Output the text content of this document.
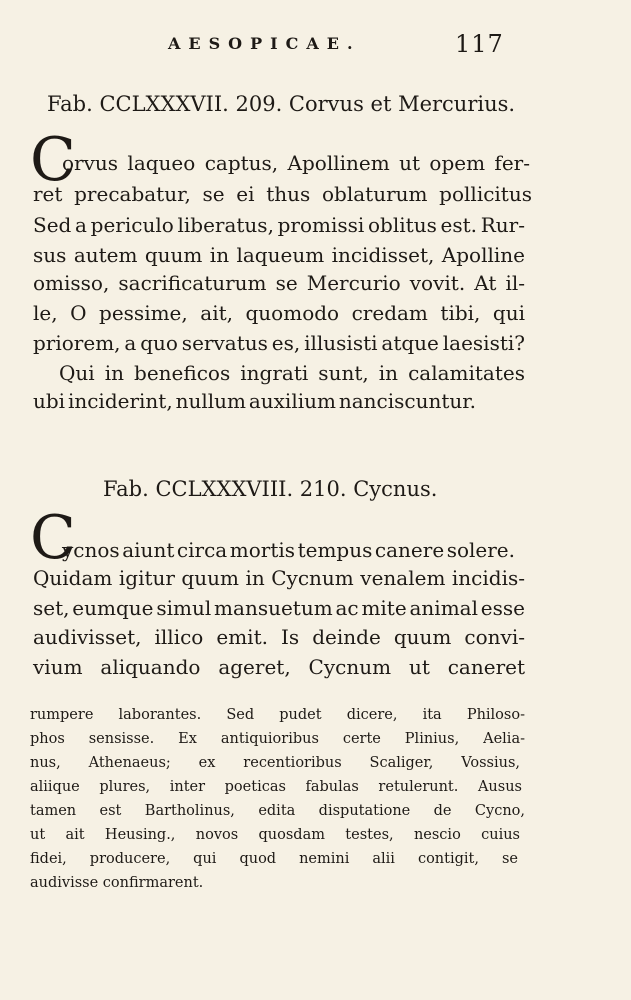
AESOPICAE.	117
Fab. CCLXXXVII. 209. Corvus et Mercurius.
C
orvus laqueo captus, Apollinem ut opem fer-
ret precabatur, se ei thus oblaturum pollicitus
Sed a periculo liberatus, promissi oblitus est. Rur-
sus autem quum in laqueum incidisset, Apolline
omisso, sacrificaturum se Mercurio vovit. At il-
le, O pessime, ait, quomodo credam tibi, qui
priorem, a quo servatus es, illusisti atque laesisti?
Qui in beneficos ingrati sunt, in calamitates
ubi inciderint, nullum auxilium nanciscuntur.
Fab. CCLXXXVIII. 210. Cycnus.
C
ycnos aiunt circa mortis tempus canere solere.
Quidam igitur quum in Cycnum venalem incidis-
set, eumque simul mansuetum ac mite animal esse
audivisset, illico emit. Is deinde quum convi-
vium aliquando ageret, Cycnum ut caneret
rumpere laborantes. Sed pudet dicere, ita Philoso-
phos sensisse. Ex antiquioribus certe Plinius, Aelia-
nus, Athenaeus; ex recentioribus Scaliger, Vossius,
aliique plures, inter poeticas fabulas retulerunt. Ausus
tamen est Bartholinus, edita disputatione de Cycno,
ut ait Heusing., novos quosdam testes, nescio cuius
fidei, producere, qui quod nemini alii contigit, se
audivisse confirmarent.
